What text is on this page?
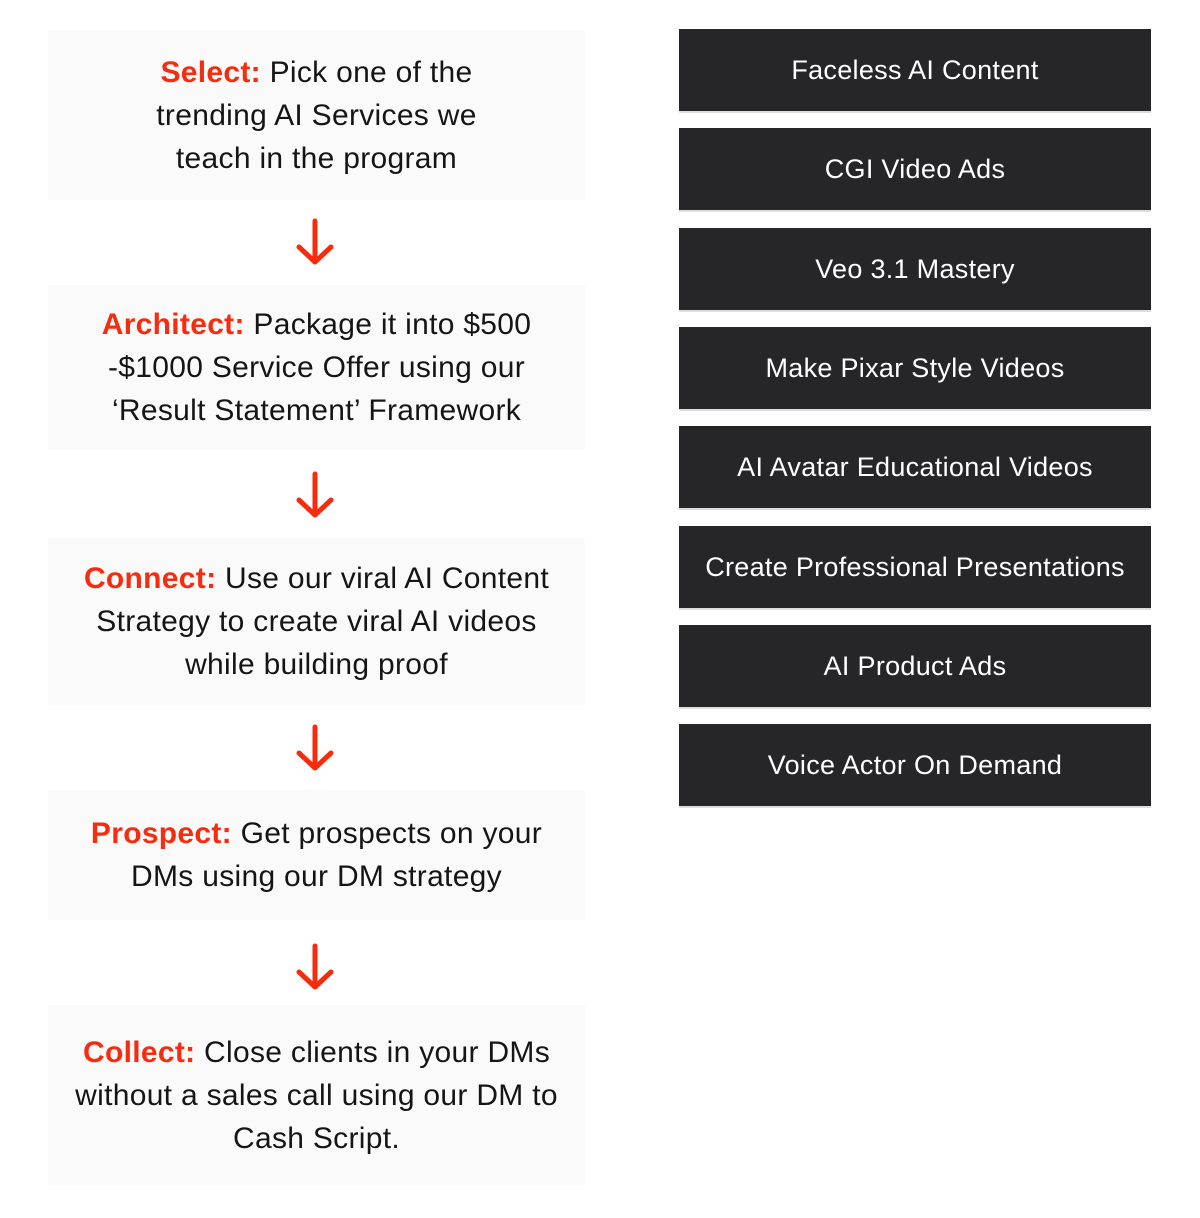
Select: Pick one of the trending AI Services we teach in the program

Architect: Package it into $500 -$1000 Service Offer using our ‘Result Statement’ Framework

Connect: Use our viral AI Content Strategy to create viral AI videos while building proof

Prospect: Get prospects on your DMs using our DM strategy

Collect: Close clients in your DMs without a sales call using our DM to Cash Script.

Faceless AI Content
CGI Video Ads
Veo 3.1 Mastery
Make Pixar Style Videos
AI Avatar Educational Videos
Create Professional Presentations
AI Product Ads
Voice Actor On Demand
